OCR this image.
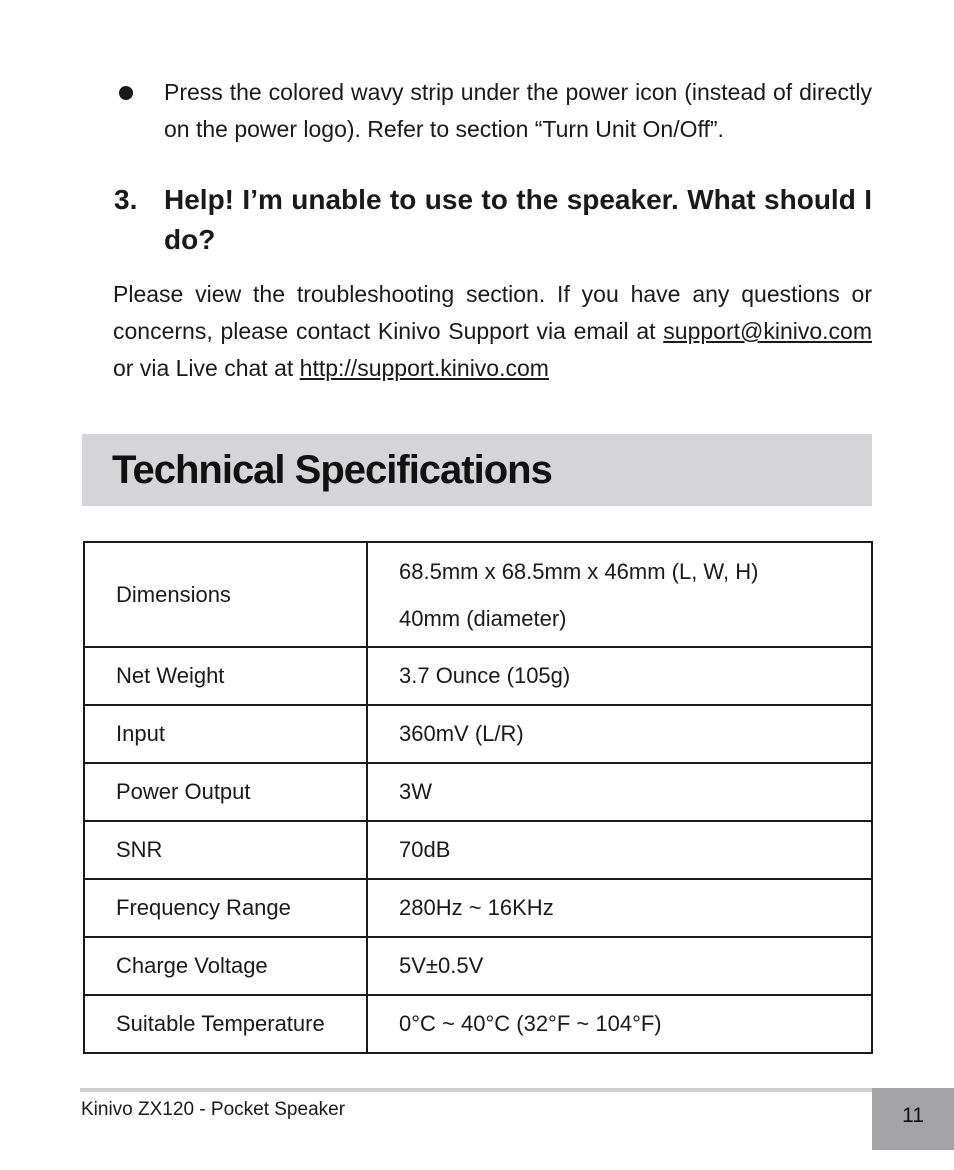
Press the colored wavy strip under the power icon (instead of directly on the power logo). Refer to section “Turn Unit On/Off”.
3. Help! I’m unable to use to the speaker. What should I do?
Please view the troubleshooting section. If you have any questions or concerns, please contact Kinivo Support via email at support@kinivo.com or via Live chat at http://support.kinivo.com
Technical Specifications
Dimensions	68.5mm x 68.5mm x 46mm (L, W, H)
40mm (diameter)

Net Weight	3.7 Ounce (105g)
Input	360mV (L/R)
Power Output	3W
SNR	70dB
Frequency Range	280Hz ~ 16KHz
Charge Voltage	5V±0.5V
Suitable Temperature	0°C ~ 40°C (32°F ~ 104°F)
Kinivo ZX120 - Pocket Speaker	11
